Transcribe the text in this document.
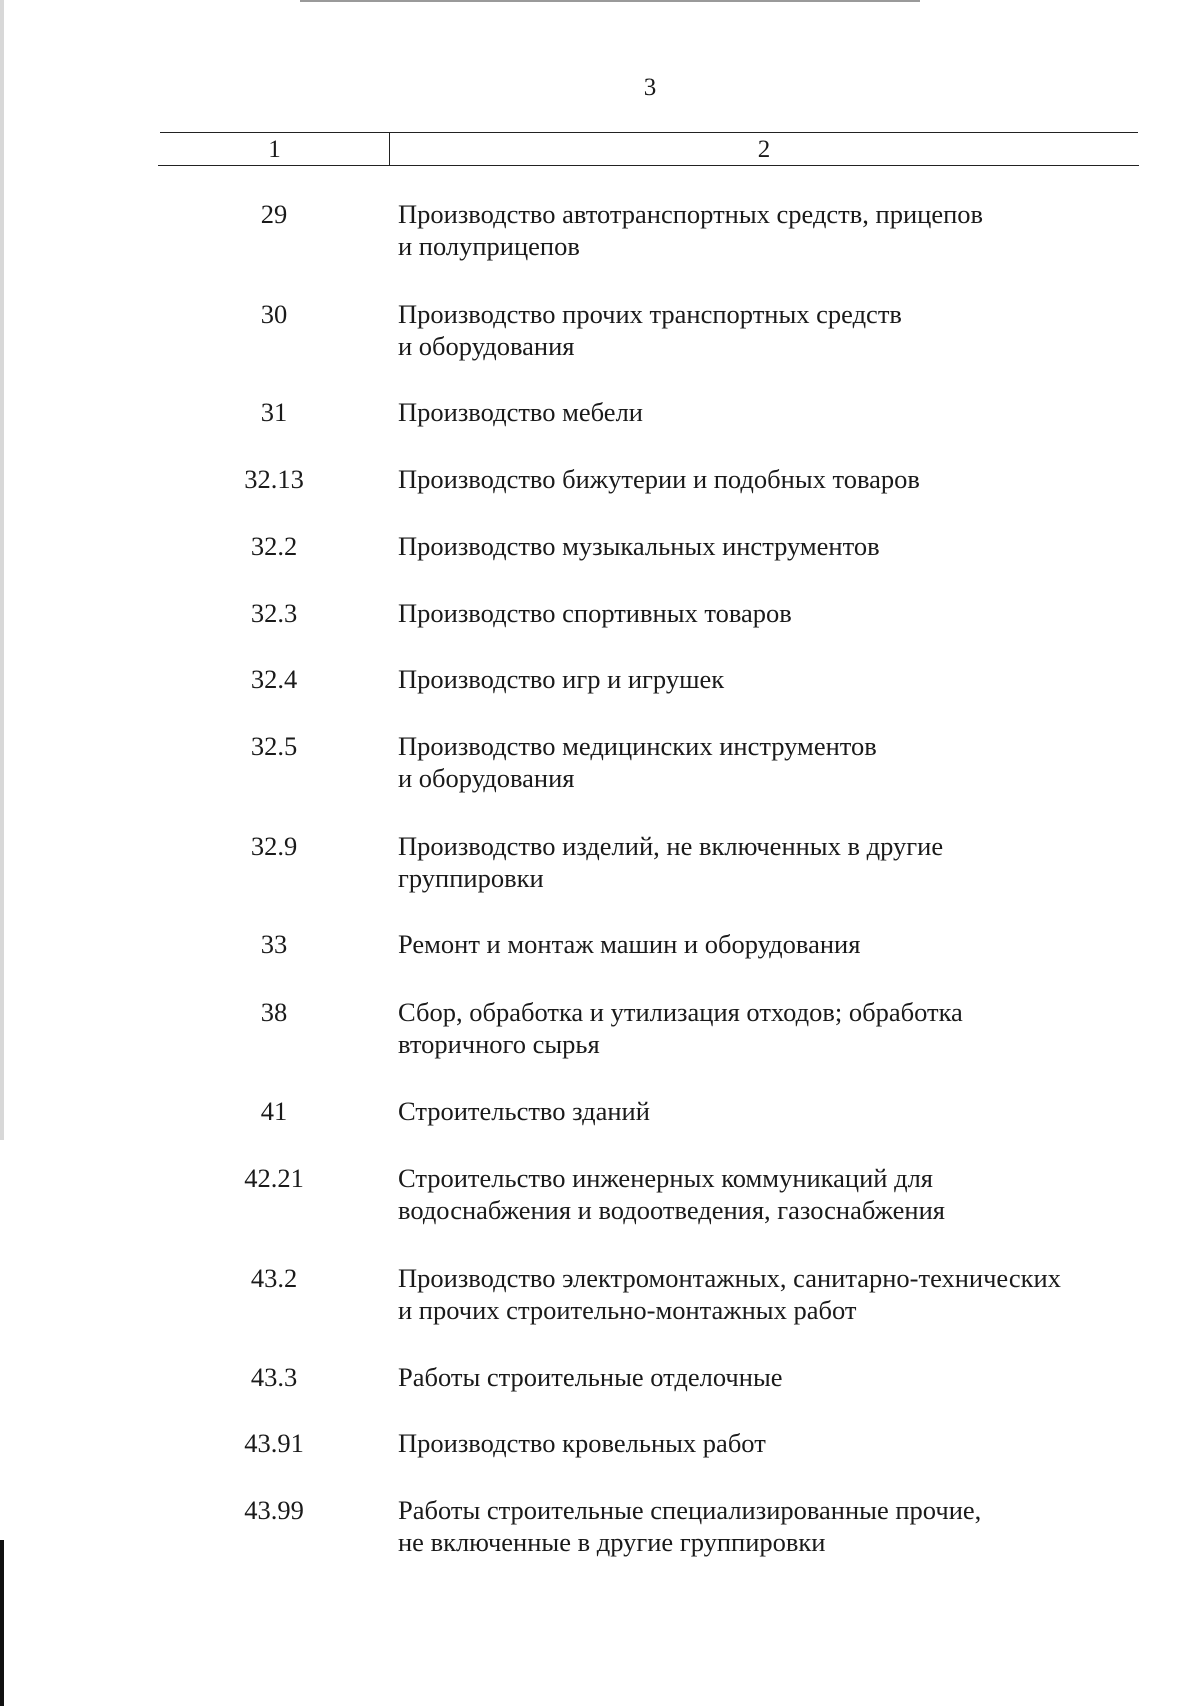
3
1	2
29	Производство автотранспортных средств, прицепов
и полуприцепов
30	Производство прочих транспортных средств
и оборудования
31	Производство мебели
32.13	Производство бижутерии и подобных товаров
32.2	Производство музыкальных инструментов
32.3	Производство спортивных товаров
32.4	Производство игр и игрушек
32.5	Производство медицинских инструментов
и оборудования
32.9	Производство изделий, не включенных в другие
группировки
33	Ремонт и монтаж машин и оборудования
38	Сбор, обработка и утилизация отходов; обработка
вторичного сырья
41	Строительство зданий
42.21	Строительство инженерных коммуникаций для
водоснабжения и водоотведения, газоснабжения
43.2	Производство электромонтажных, санитарно-технических
и прочих строительно-монтажных работ
43.3	Работы строительные отделочные
43.91	Производство кровельных работ
43.99	Работы строительные специализированные прочие,
не включенные в другие группировки
